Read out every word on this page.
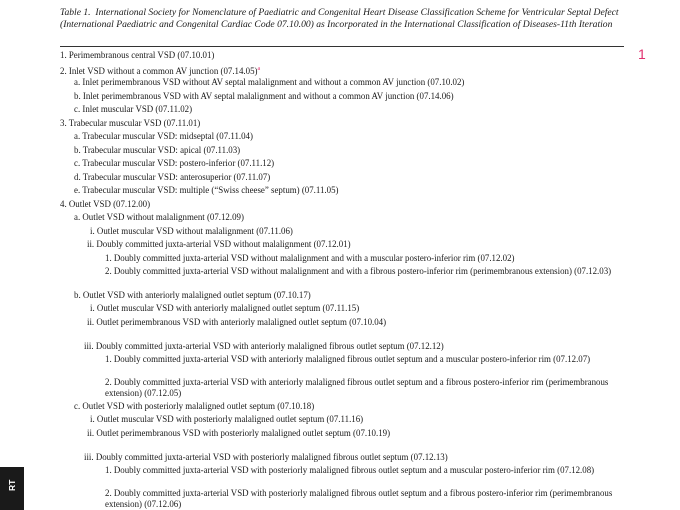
Table 1. International Society for Nomenclature of Paediatric and Congenital Heart Disease Classification Scheme for Ventricular Septal Defect (International Paediatric and Congenital Cardiac Code 07.10.00) as Incorporated in the International Classification of Diseases-11th Iteration
1
RT
1. Perimembranous central VSD (07.10.01)
2. Inlet VSD without a common AV junction $(07.14.05)^a$
a. Inlet perimembranous VSD without AV septal malalignment and without a common AV junction (07.10.02)
b. Inlet perimembranous VSD with AV septal malalignment and without a common AV junction (07.14.06)
c. Inlet muscular VSD (07.11.02)
3. Trabecular muscular VSD (07.11.01)
a. Trabecular muscular VSD: midseptal (07.11.04)
b. Trabecular muscular VSD: apical (07.11.03)
c. Trabecular muscular VSD: postero-inferior (07.11.12)
d. Trabecular muscular VSD: anterosuperior (07.11.07)
e. Trabecular muscular VSD: multiple (“Swiss cheese” septum) (07.11.05)
4. Outlet VSD (07.12.00)
a. Outlet VSD without malalignment (07.12.09)
i. Outlet muscular VSD without malalignment (07.11.06)
ii. Doubly committed juxta-arterial VSD without malalignment (07.12.01)
1. Doubly committed juxta-arterial VSD without malalignment and with a muscular postero-inferior rim (07.12.02)
2. Doubly committed juxta-arterial VSD without malalignment and with a fibrous postero-inferior rim (perimembranous extension) (07.12.03)
b. Outlet VSD with anteriorly malaligned outlet septum (07.10.17)
i. Outlet muscular VSD with anteriorly malaligned outlet septum (07.11.15)
ii. Outlet perimembranous VSD with anteriorly malaligned outlet septum (07.10.04)
iii. Doubly committed juxta-arterial VSD with anteriorly malaligned fibrous outlet septum (07.12.12)
1. Doubly committed juxta-arterial VSD with anteriorly malaligned fibrous outlet septum and a muscular postero-inferior rim (07.12.07)
2. Doubly committed juxta-arterial VSD with anteriorly malaligned fibrous outlet septum and a fibrous postero-inferior rim (perimembranous extension) (07.12.05)
c. Outlet VSD with posteriorly malaligned outlet septum (07.10.18)
i. Outlet muscular VSD with posteriorly malaligned outlet septum (07.11.16)
ii. Outlet perimembranous VSD with posteriorly malaligned outlet septum (07.10.19)
iii. Doubly committed juxta-arterial VSD with posteriorly malaligned fibrous outlet septum (07.12.13)
1. Doubly committed juxta-arterial VSD with posteriorly malaligned fibrous outlet septum and a muscular postero-inferior rim (07.12.08)
2. Doubly committed juxta-arterial VSD with posteriorly malaligned fibrous outlet septum and a fibrous postero-inferior rim (perimembranous extension) (07.12.06)
